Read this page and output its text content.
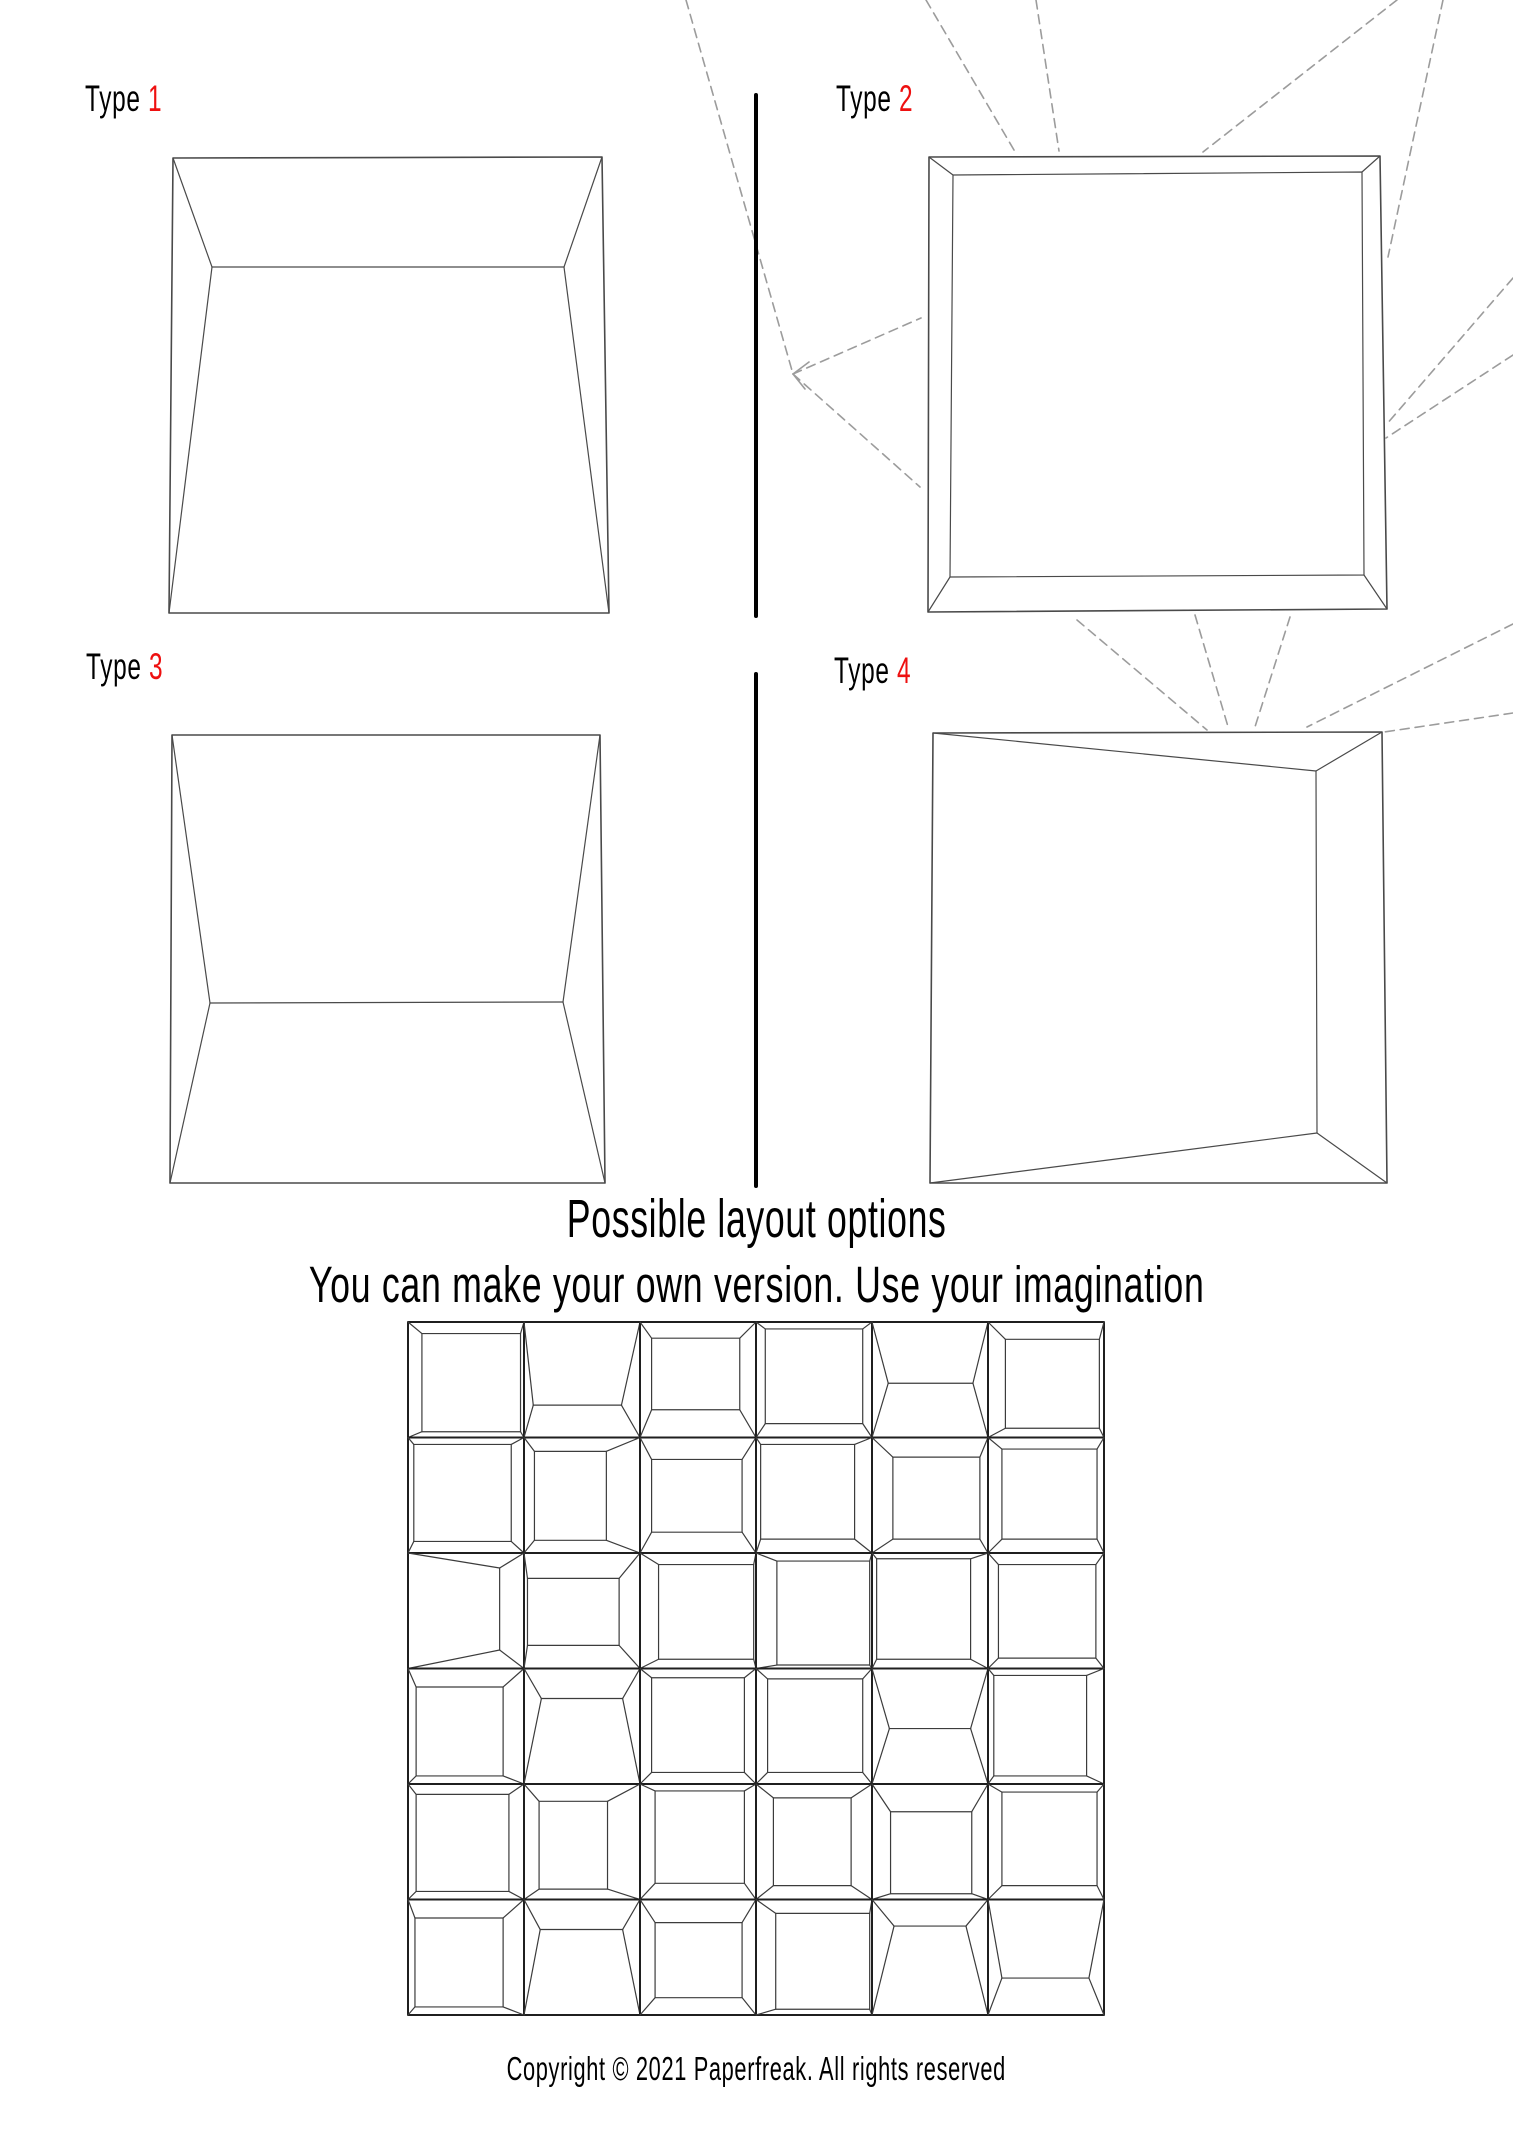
Type 1	Type 2
Type 3	Type 4
Possible layout options
You can make your own version. Use your imagination
Copyright © 2021 Paperfreak. All rights reserved
